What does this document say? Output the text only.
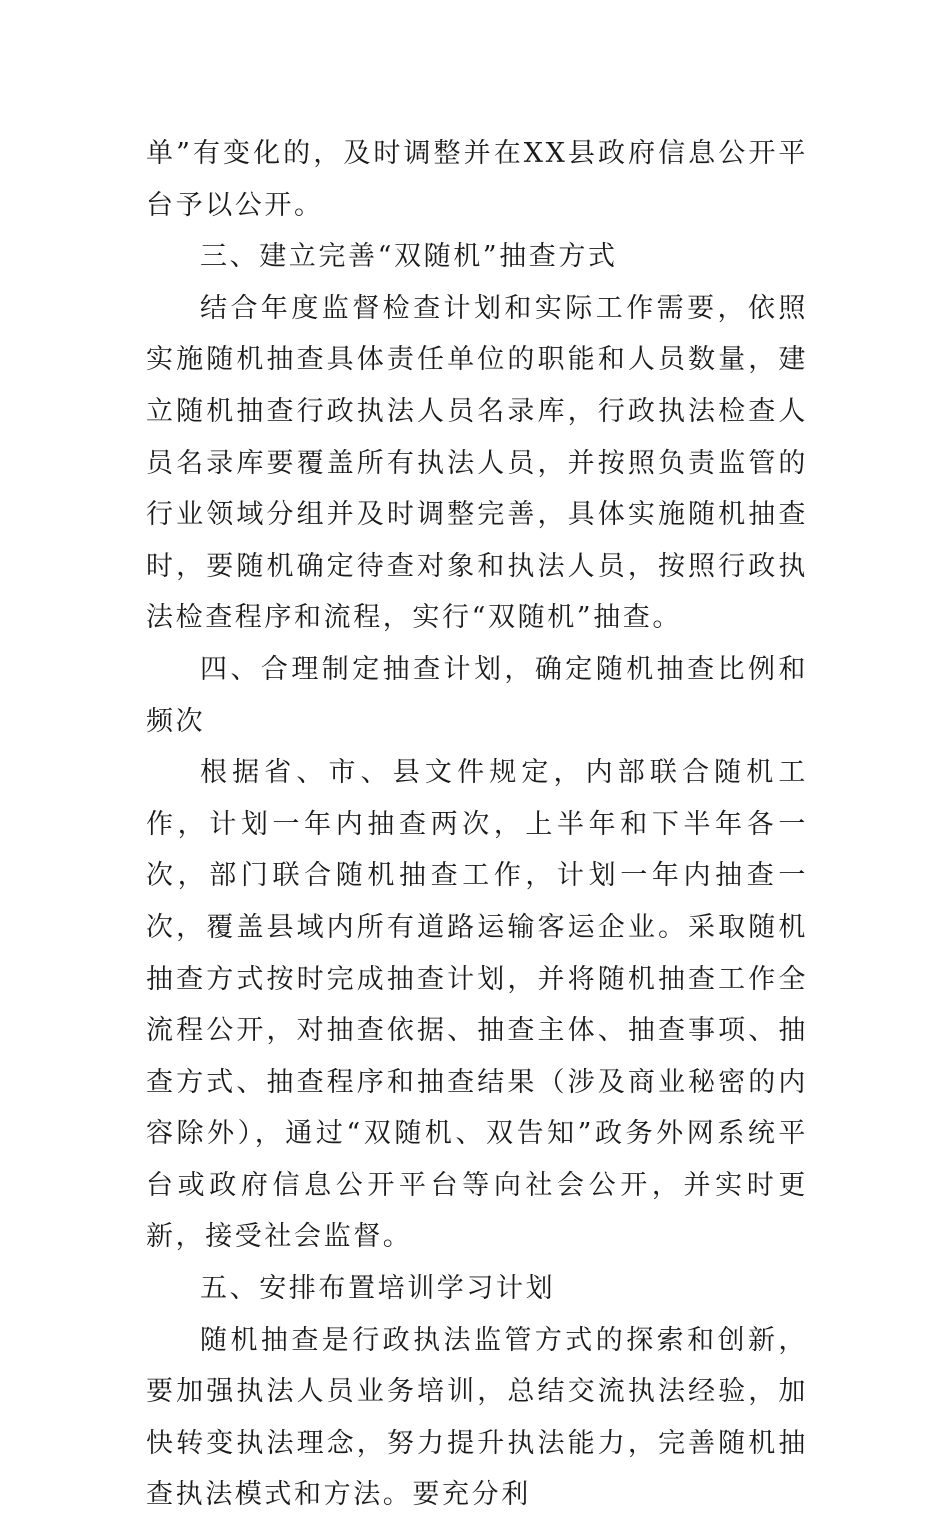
单”有变化的，及时调整并在XX县政府信息公开平台予以公开。

三、建立完善“双随机”抽查方式

结合年度监督检查计划和实际工作需要，依照实施随机抽查具体责任单位的职能和人员数量，建立随机抽查行政执法人员名录库，行政执法检查人员名录库要覆盖所有执法人员，并按照负责监管的行业领域分组并及时调整完善，具体实施随机抽查时，要随机确定待查对象和执法人员，按照行政执法检查程序和流程，实行“双随机”抽查。

四、合理制定抽查计划，确定随机抽查比例和频次

根据省、市、县文件规定，内部联合随机工作，计划一年内抽查两次，上半年和下半年各一次，部门联合随机抽查工作，计划一年内抽查一次，覆盖县域内所有道路运输客运企业。采取随机抽查方式按时完成抽查计划，并将随机抽查工作全流程公开，对抽查依据、抽查主体、抽查事项、抽查方式、抽查程序和抽查结果（涉及商业秘密的内容除外），通过“双随机、双告知”政务外网系统平台或政府信息公开平台等向社会公开，并实时更新，接受社会监督。

五、安排布置培训学习计划

随机抽查是行政执法监管方式的探索和创新，要加强执法人员业务培训，总结交流执法经验，加快转变执法理念，努力提升执法能力，完善随机抽查执法模式和方法。要充分利
